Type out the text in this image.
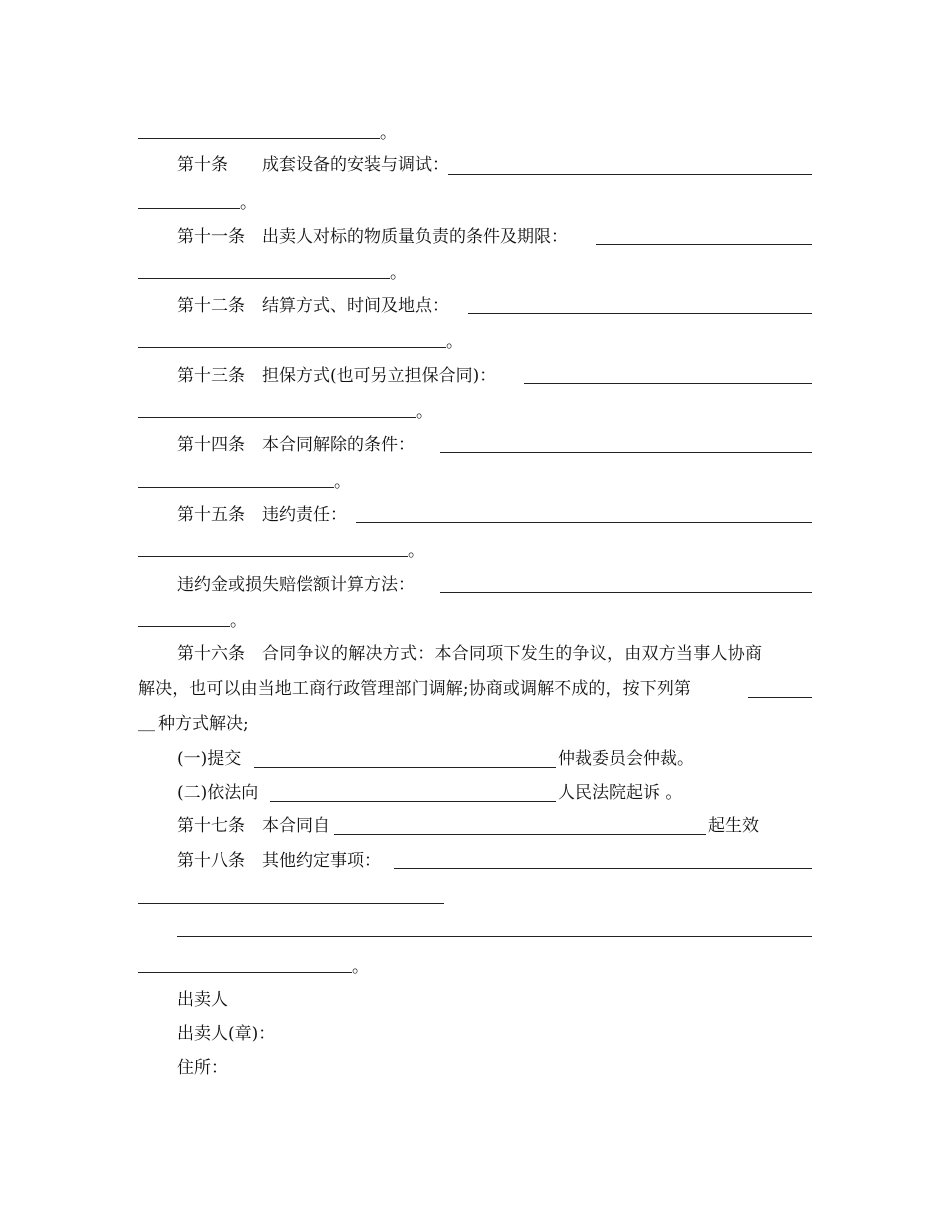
。
第十条 成套设备的安装与调试：
。
第十一条 出卖人对标的物质量负责的条件及期限：
。
第十二条 结算方式、时间及地点：
。
第十三条 担保方式(也可另立担保合同)：
。
第十四条 本合同解除的条件：
。
第十五条 违约责任：
。
违约金或损失赔偿额计算方法：
。
第十六条 合同争议的解决方式：本合同项下发生的争议，由双方当事人协商
解决，也可以由当地工商行政管理部门调解;协商或调解不成的，按下列第
__ 种方式解决;
(一)提交	仲裁委员会仲裁。
(二)依法向	人民法院起诉 。
第十七条 本合同自	起生效
第十八条 其他约定事项：
。
出卖人
出卖人(章)：
住所：
